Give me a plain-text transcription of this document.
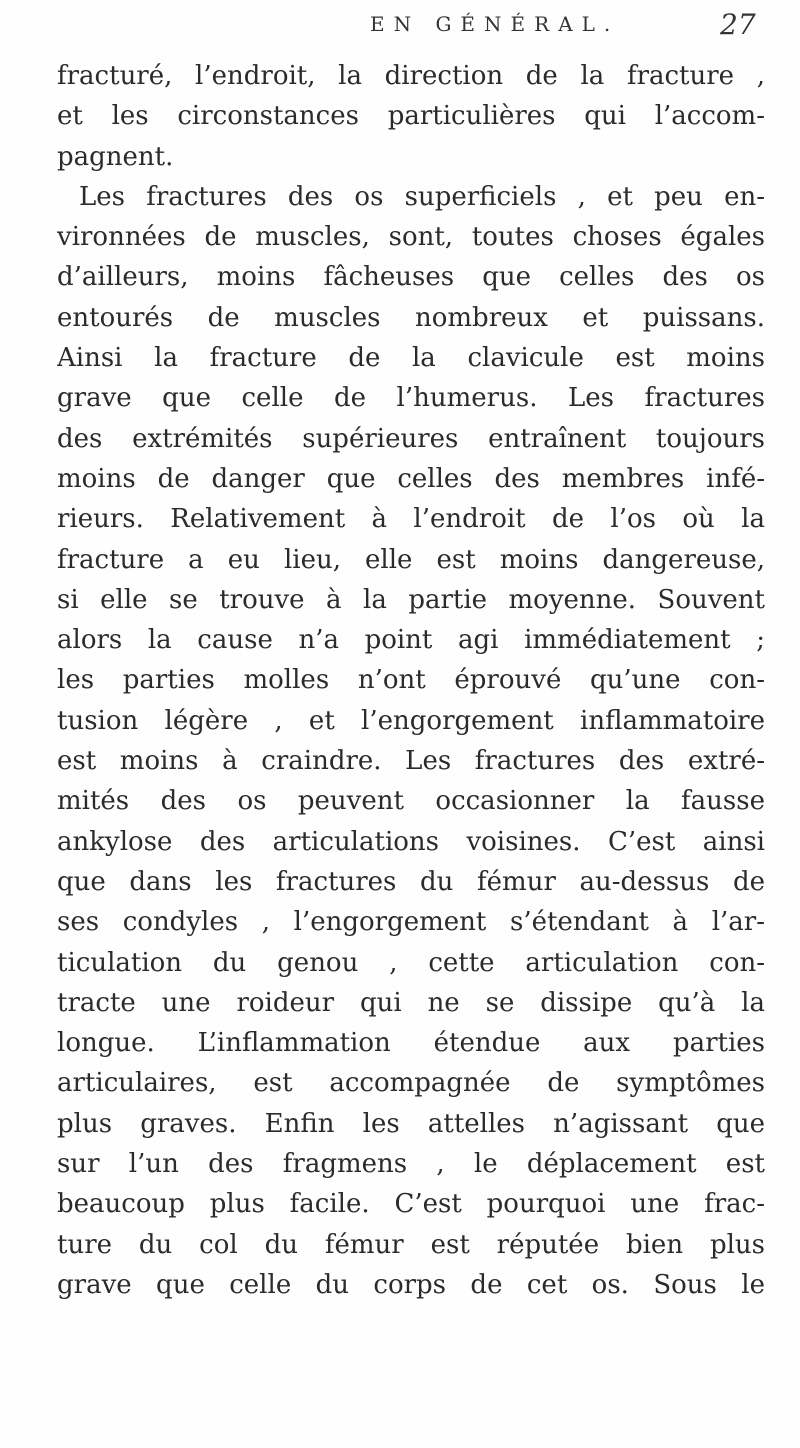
EN GÉNÉRAL.	27
fracturé, l’endroit, la direction de la fracture ,
et les circonstances particulières qui l’accom-
pagnent.
Les fractures des os superficiels , et peu en-
vironnées de muscles, sont, toutes choses égales
d’ailleurs, moins fâcheuses que celles des os
entourés de muscles nombreux et puissans.
Ainsi la fracture de la clavicule est moins
grave que celle de l’humerus. Les fractures
des extrémités supérieures entraînent toujours
moins de danger que celles des membres infé-
rieurs. Relativement à l’endroit de l’os où la
fracture a eu lieu, elle est moins dangereuse,
si elle se trouve à la partie moyenne. Souvent
alors la cause n’a point agi immédiatement ;
les parties molles n’ont éprouvé qu’une con-
tusion légère , et l’engorgement inflammatoire
est moins à craindre. Les fractures des extré-
mités des os peuvent occasionner la fausse
ankylose des articulations voisines. C’est ainsi
que dans les fractures du fémur au-dessus de
ses condyles , l’engorgement s’étendant à l’ar-
ticulation du genou , cette articulation con-
tracte une roideur qui ne se dissipe qu’à la
longue. L’inflammation étendue aux parties
articulaires, est accompagnée de symptômes
plus graves. Enfin les attelles n’agissant que
sur l’un des fragmens , le déplacement est
beaucoup plus facile. C’est pourquoi une frac-
ture du col du fémur est réputée bien plus
grave que celle du corps de cet os. Sous le
